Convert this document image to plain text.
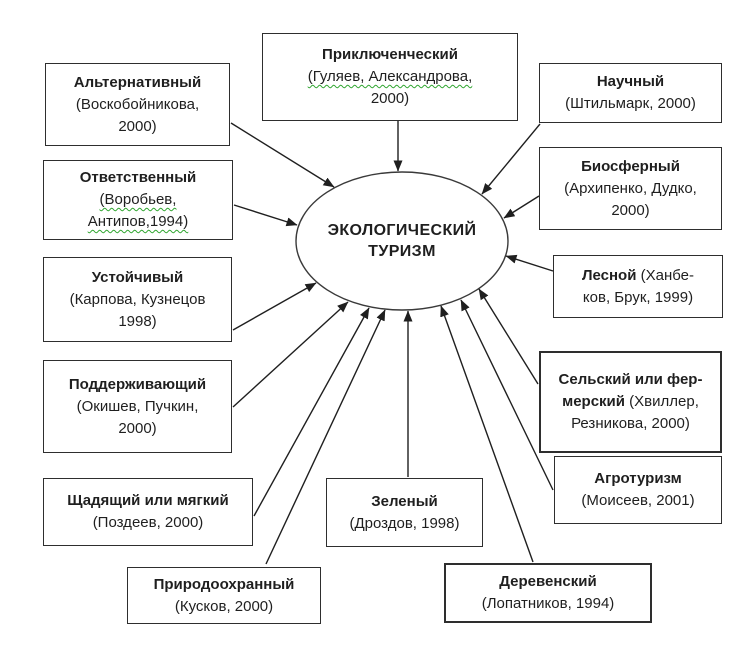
ЭКОЛОГИЧЕСКИЙ
ТУРИЗМ
Альтернативный
(Воскобойникова,
2000)
Ответственный
(Воробьев,
Антипов,1994)
Устойчивый
(Карпова, Кузнецов
1998)
Поддерживающий
(Окишев, Пучкин,
2000)
Щадящий или мягкий
(Поздеев, 2000)
Природоохранный
(Кусков, 2000)
Приключенческий
(Гуляев, Александрова,
2000)
Зеленый
(Дроздов, 1998)
Деревенский
(Лопатников, 1994)
Научный
(Штильмарк, 2000)
Биосферный
(Архипенко, Дудко,
2000)
Лесной (Ханбе-
ков, Брук, 1999)
Сельский или фер-
мерский (Хвиллер,
Резникова, 2000)
Агротуризм
(Моисеев, 2001)
